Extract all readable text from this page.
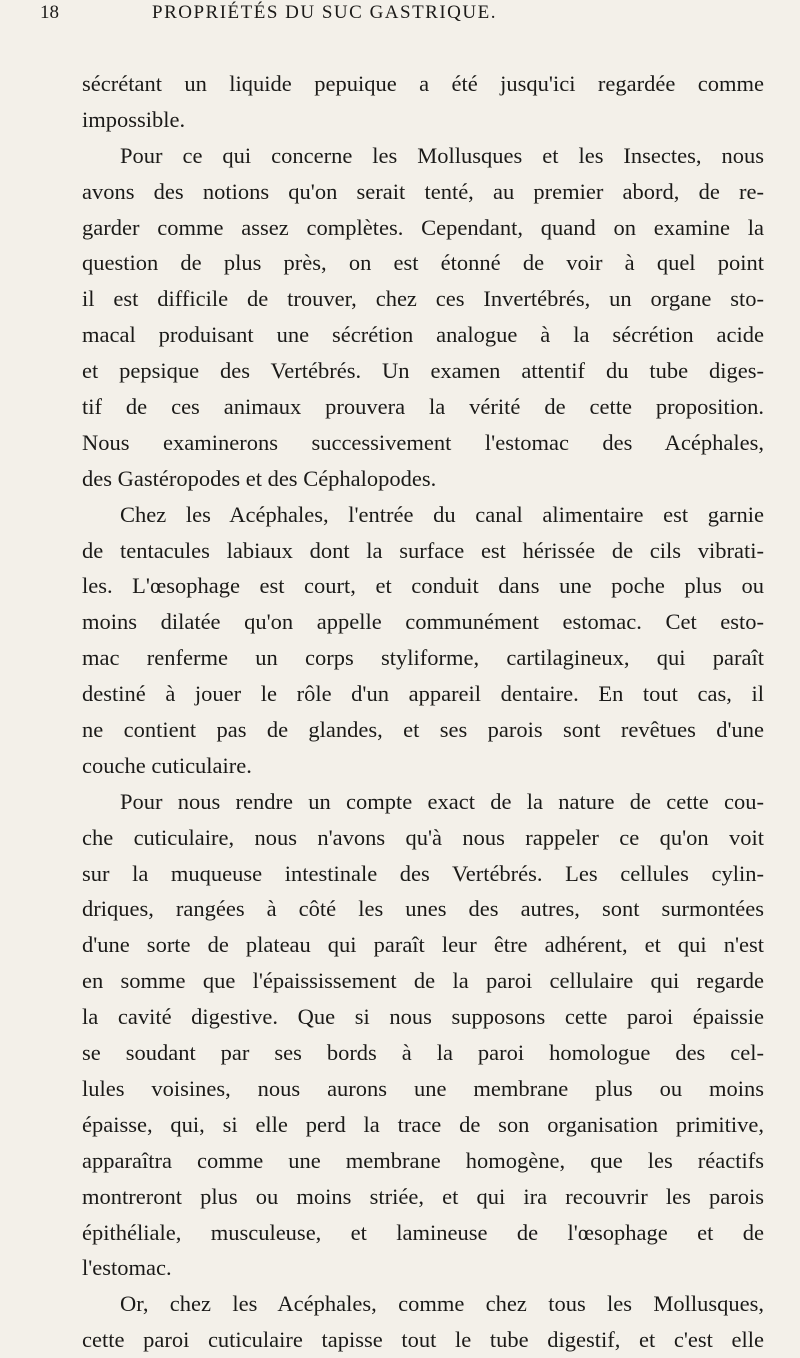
18	PROPRIÉTÉS DU SUC GASTRIQUE.
sécrétant un liquide pepuique a été jusqu'ici regardée comme
impossible.
Pour ce qui concerne les Mollusques et les Insectes, nous
avons des notions qu'on serait tenté, au premier abord, de re-
garder comme assez complètes. Cependant, quand on examine la
question de plus près, on est étonné de voir à quel point
il est difficile de trouver, chez ces Invertébrés, un organe sto-
macal produisant une sécrétion analogue à la sécrétion acide
et pepsique des Vertébrés. Un examen attentif du tube diges-
tif de ces animaux prouvera la vérité de cette proposition.
Nous examinerons successivement l'estomac des Acéphales,
des Gastéropodes et des Céphalopodes.
Chez les Acéphales, l'entrée du canal alimentaire est garnie
de tentacules labiaux dont la surface est hérissée de cils vibrati-
les. L'œsophage est court, et conduit dans une poche plus ou
moins dilatée qu'on appelle communément estomac. Cet esto-
mac renferme un corps styliforme, cartilagineux, qui paraît
destiné à jouer le rôle d'un appareil dentaire. En tout cas, il
ne contient pas de glandes, et ses parois sont revêtues d'une
couche cuticulaire.
Pour nous rendre un compte exact de la nature de cette cou-
che cuticulaire, nous n'avons qu'à nous rappeler ce qu'on voit
sur la muqueuse intestinale des Vertébrés. Les cellules cylin-
driques, rangées à côté les unes des autres, sont surmontées
d'une sorte de plateau qui paraît leur être adhérent, et qui n'est
en somme que l'épaississement de la paroi cellulaire qui regarde
la cavité digestive. Que si nous supposons cette paroi épaissie
se soudant par ses bords à la paroi homologue des cel-
lules voisines, nous aurons une membrane plus ou moins
épaisse, qui, si elle perd la trace de son organisation primitive,
apparaîtra comme une membrane homogène, que les réactifs
montreront plus ou moins striée, et qui ira recouvrir les parois
épithéliale, musculeuse, et lamineuse de l'œsophage et de
l'estomac.
Or, chez les Acéphales, comme chez tous les Mollusques,
cette paroi cuticulaire tapisse tout le tube digestif, et c'est elle
